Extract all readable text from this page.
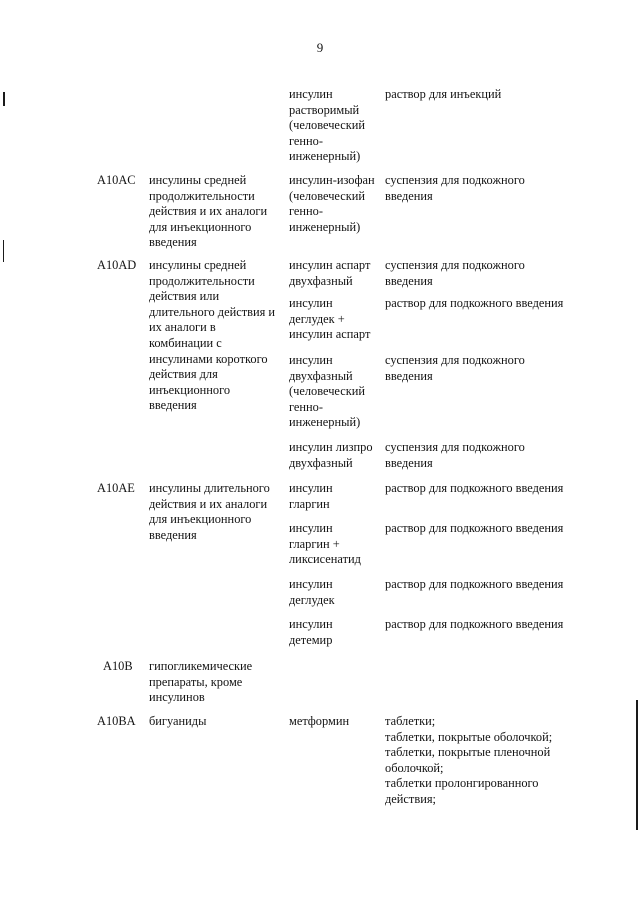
9
инсулин
растворимый
(человеческий
генно-
инженерный)
раствор для инъекций
A10AC инсулины средней
продолжительности
действия и их аналоги
для инъекционного
введения
инсулин-изофан
(человеческий
генно-
инженерный)
суспензия для подкожного
введения
A10AD инсулины средней
продолжительности
действия или
длительного действия и
их аналоги в
комбинации с
инсулинами короткого
действия для
инъекционного
введения
инсулин аспарт
двухфазный
суспензия для подкожного
введения
инсулин
деглудек +
инсулин аспарт
раствор для подкожного введения
инсулин
двухфазный
(человеческий
генно-
инженерный)
суспензия для подкожного
введения
инсулин лизпро
двухфазный
суспензия для подкожного
введения
A10AE инсулины длительного
действия и их аналоги
для инъекционного
введения
инсулин
гларгин
раствор для подкожного введения
инсулин
гларгин +
ликсисенатид
раствор для подкожного введения
инсулин
деглудек
раствор для подкожного введения
инсулин
детемир
раствор для подкожного введения
A10B гипогликемические
препараты, кроме
инсулинов
A10BA бигуаниды	метформин	таблетки;
таблетки, покрытые оболочкой;
таблетки, покрытые пленочной
оболочкой;
таблетки пролонгированного
действия;
